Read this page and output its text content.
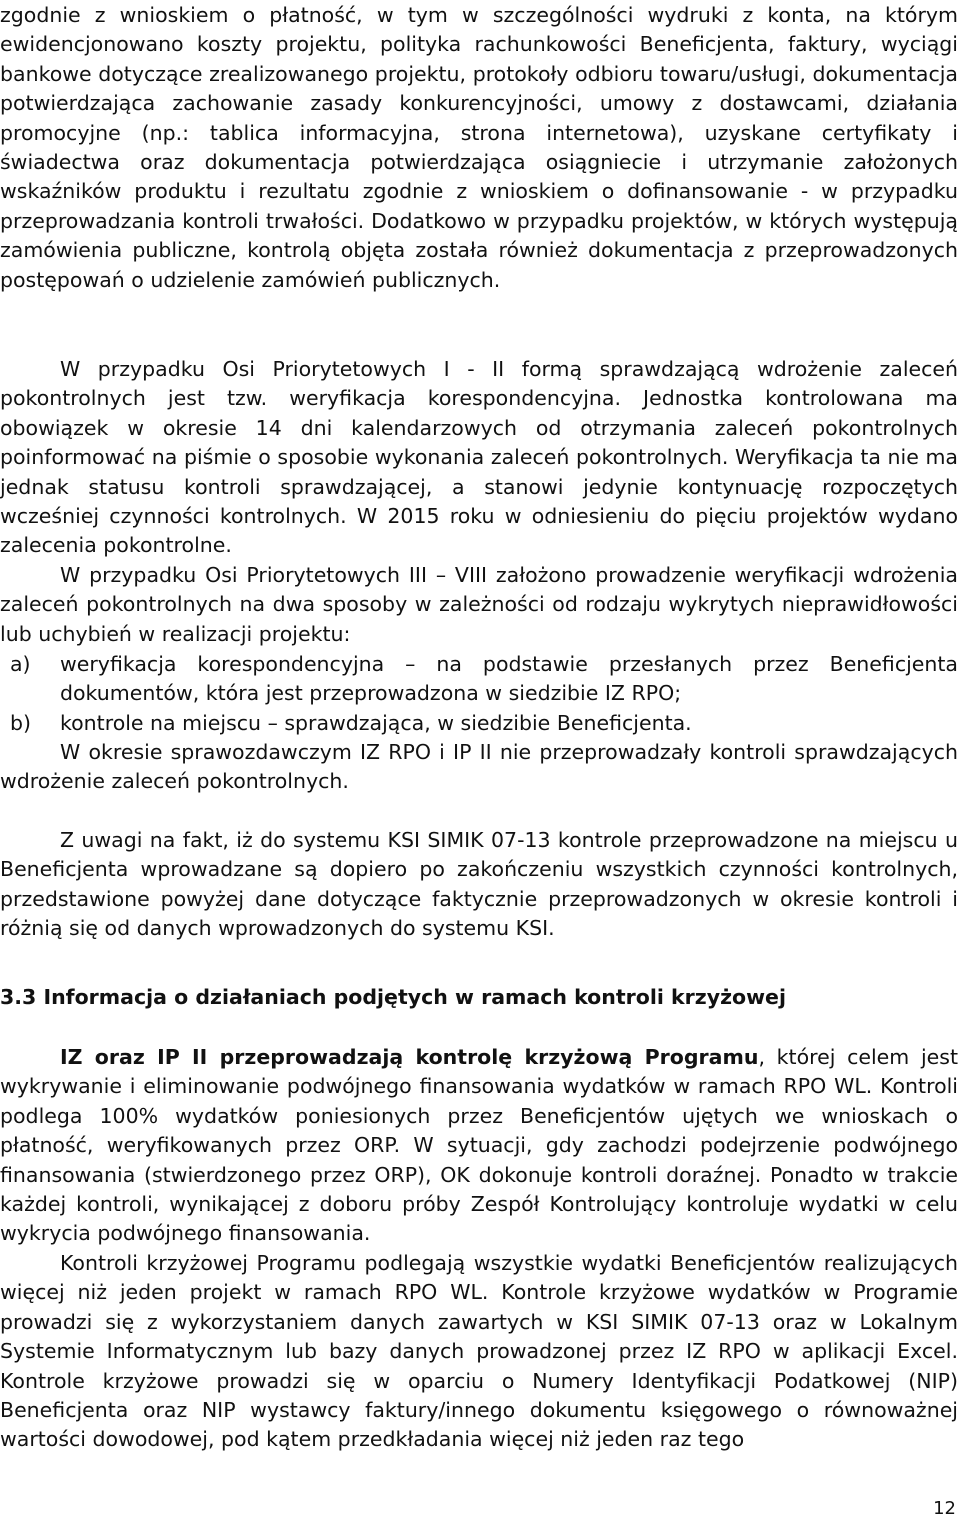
zgodnie z wnioskiem o płatność, w tym w szczególności wydruki z konta, na którym ewidencjonowano koszty projektu, polityka rachunkowości Beneficjenta, faktury, wyciągi bankowe dotyczące zrealizowanego projektu, protokoły odbioru towaru/usługi, dokumentacja potwierdzająca zachowanie zasady konkurencyjności, umowy z dostawcami, działania promocyjne (np.: tablica informacyjna, strona internetowa), uzyskane certyfikaty i świadectwa oraz dokumentacja potwierdzająca osiągniecie i utrzymanie założonych wskaźników produktu i rezultatu zgodnie z wnioskiem o dofinansowanie - w przypadku przeprowadzania kontroli trwałości. Dodatkowo w przypadku projektów, w których występują zamówienia publiczne, kontrolą objęta została również dokumentacja z przeprowadzonych postępowań o udzielenie zamówień publicznych.

W przypadku Osi Priorytetowych I - II formą sprawdzającą wdrożenie zaleceń pokontrolnych jest tzw. weryfikacja korespondencyjna. Jednostka kontrolowana ma obowiązek w okresie 14 dni kalendarzowych od otrzymania zaleceń pokontrolnych poinformować na piśmie o sposobie wykonania zaleceń pokontrolnych. Weryfikacja ta nie ma jednak statusu kontroli sprawdzającej, a stanowi jedynie kontynuację rozpoczętych wcześniej czynności kontrolnych. W 2015 roku w odniesieniu do pięciu projektów wydano zalecenia pokontrolne.

W przypadku Osi Priorytetowych III – VIII założono prowadzenie weryfikacji wdrożenia zaleceń pokontrolnych na dwa sposoby w zależności od rodzaju wykrytych nieprawidłowości lub uchybień w realizacji projektu:

a)	weryfikacja korespondencyjna – na podstawie przesłanych przez Beneficjenta dokumentów, która jest przeprowadzona w siedzibie IZ RPO;
b)	kontrole na miejscu – sprawdzająca, w siedzibie Beneficjenta.

W okresie sprawozdawczym IZ RPO i IP II nie przeprowadzały kontroli sprawdzających wdrożenie zaleceń pokontrolnych.

Z uwagi na fakt, iż do systemu KSI SIMIK 07-13 kontrole przeprowadzone na miejscu u Beneficjenta wprowadzane są dopiero po zakończeniu wszystkich czynności kontrolnych, przedstawione powyżej dane dotyczące faktycznie przeprowadzonych w okresie kontroli i różnią się od danych wprowadzonych do systemu KSI.

3.3 Informacja o działaniach podjętych w ramach kontroli krzyżowej

IZ oraz IP II przeprowadzają kontrolę krzyżową Programu, której celem jest wykrywanie i eliminowanie podwójnego finansowania wydatków w ramach RPO WL. Kontroli podlega 100% wydatków poniesionych przez Beneficjentów ujętych we wnioskach o płatność, weryfikowanych przez ORP. W sytuacji, gdy zachodzi podejrzenie podwójnego finansowania (stwierdzonego przez ORP), OK dokonuje kontroli doraźnej. Ponadto w trakcie każdej kontroli, wynikającej z doboru próby Zespół Kontrolujący kontroluje wydatki w celu wykrycia podwójnego finansowania.

Kontroli krzyżowej Programu podlegają wszystkie wydatki Beneficjentów realizujących więcej niż jeden projekt w ramach RPO WL. Kontrole krzyżowe wydatków w Programie prowadzi się z wykorzystaniem danych zawartych w KSI SIMIK 07-13 oraz w Lokalnym Systemie Informatycznym lub bazy danych prowadzonej przez IZ RPO w aplikacji Excel. Kontrole krzyżowe prowadzi się w oparciu o Numery Identyfikacji Podatkowej (NIP) Beneficjenta oraz NIP wystawcy faktury/innego dokumentu księgowego o równoważnej wartości dowodowej, pod kątem przedkładania więcej niż jeden raz tego

12
